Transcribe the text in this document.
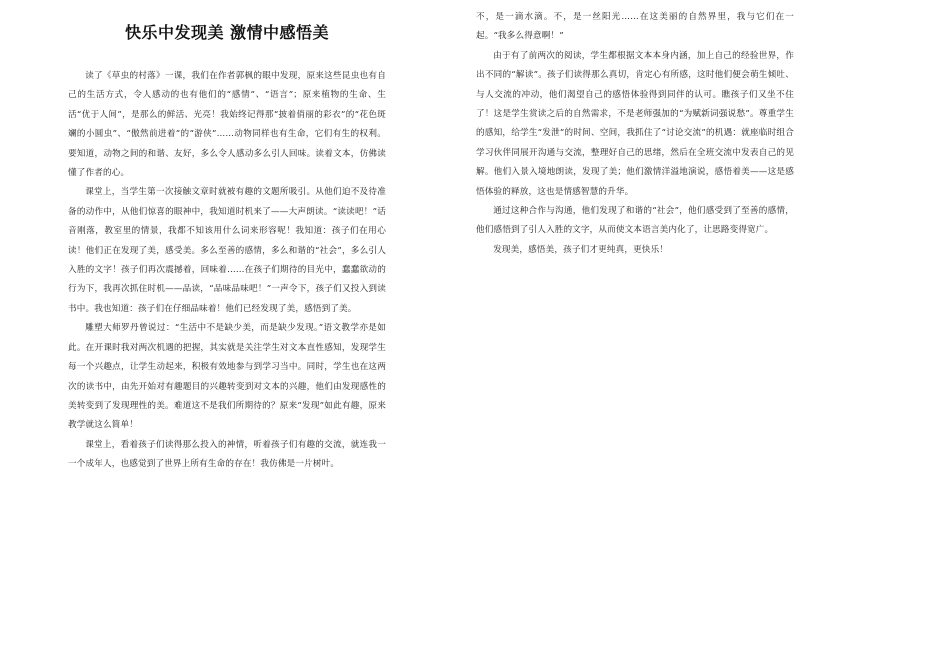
快乐中发现美 激情中感悟美

读了《草虫的村落》一课，我们在作者郭枫的眼中发现，原来这些昆虫也有自己的生活方式，令人感动的也有他们的“感情”、“语言”；原来植物的生命、生活“优于人间”，是那么的鲜活、光亮！我始终记得那“披着俏丽的彩衣”的“花色斑斓的小圆虫”、“傲然前进着”的“游侠”……动物同样也有生命，它们有生的权利。要知道，动物之间的和谐、友好，多么令人感动多么引人回味。读着文本，仿佛读懂了作者的心。

课堂上，当学生第一次接触文章时就被有趣的文题所吸引。从他们迫不及待准备的动作中，从他们惊喜的眼神中，我知道时机来了——大声朗读。“读读吧！”话音刚落，教室里的情景，我都不知该用什么词来形容呢！我知道：孩子们在用心读！他们正在发现了美，感受美。多么至善的感情，多么和谐的“社会”，多么引人入胜的文字！孩子们再次震撼着，回味着……在孩子们期待的目光中，蠢蠢欲动的行为下，我再次抓住时机——品读，“品味品味吧！”一声令下，孩子们又投入到读书中。我也知道：孩子们在仔细品味着！他们已经发现了美，感悟到了美。

雕塑大师罗丹曾说过：“生活中不是缺少美，而是缺少发现。”语文教学亦是如此。在开课时我对两次机遇的把握，其实就是关注学生对文本直性感知，发现学生每一个兴趣点，让学生动起来，积极有效地参与到学习当中。同时，学生也在这两次的读书中，由先开始对有趣题目的兴趣转变到对文本的兴趣，他们由发现感性的美转变到了发现理性的美。难道这不是我们所期待的？原来“发现”如此有趣，原来教学就这么简单！

课堂上，看着孩子们读得那么投入的神情，听着孩子们有趣的交流，就连我一一个成年人，也感觉到了世界上所有生命的存在！我仿佛是一片树叶。

不，是一滴水滴。不，是一丝阳光……在这美丽的自然界里，我与它们在一起。“我多么得意啊！”

由于有了前两次的阅读，学生都根据文本本身内涵，加上自己的经验世界，作出不同的“解读”。孩子们读得那么真切，肯定心有所感，这时他们便会萌生倾吐、与人交流的冲动，他们渴望自己的感悟体验得到同伴的认可。瞧孩子们又坐不住了！这是学生赏读之后的自然需求，不是老师强加的“为赋新词强说愁”。尊重学生的感知，给学生“发泄”的时间、空间，我抓住了“讨论交流”的机遇：就座临时组合学习伙伴同展开沟通与交流，整理好自己的思绪，然后在全班交流中发表自己的见解。他们入景入境地朗读，发现了美；他们激情洋溢地演说，感悟着美——这是感悟体验的释放，这也是情感智慧的升华。

通过这种合作与沟通，他们发现了和谐的“社会”，他们感受到了至善的感情，他们感悟到了引人入胜的文字，从而使文本语言美内化了，让思路变得宽广。

发现美，感悟美，孩子们才更纯真，更快乐！
